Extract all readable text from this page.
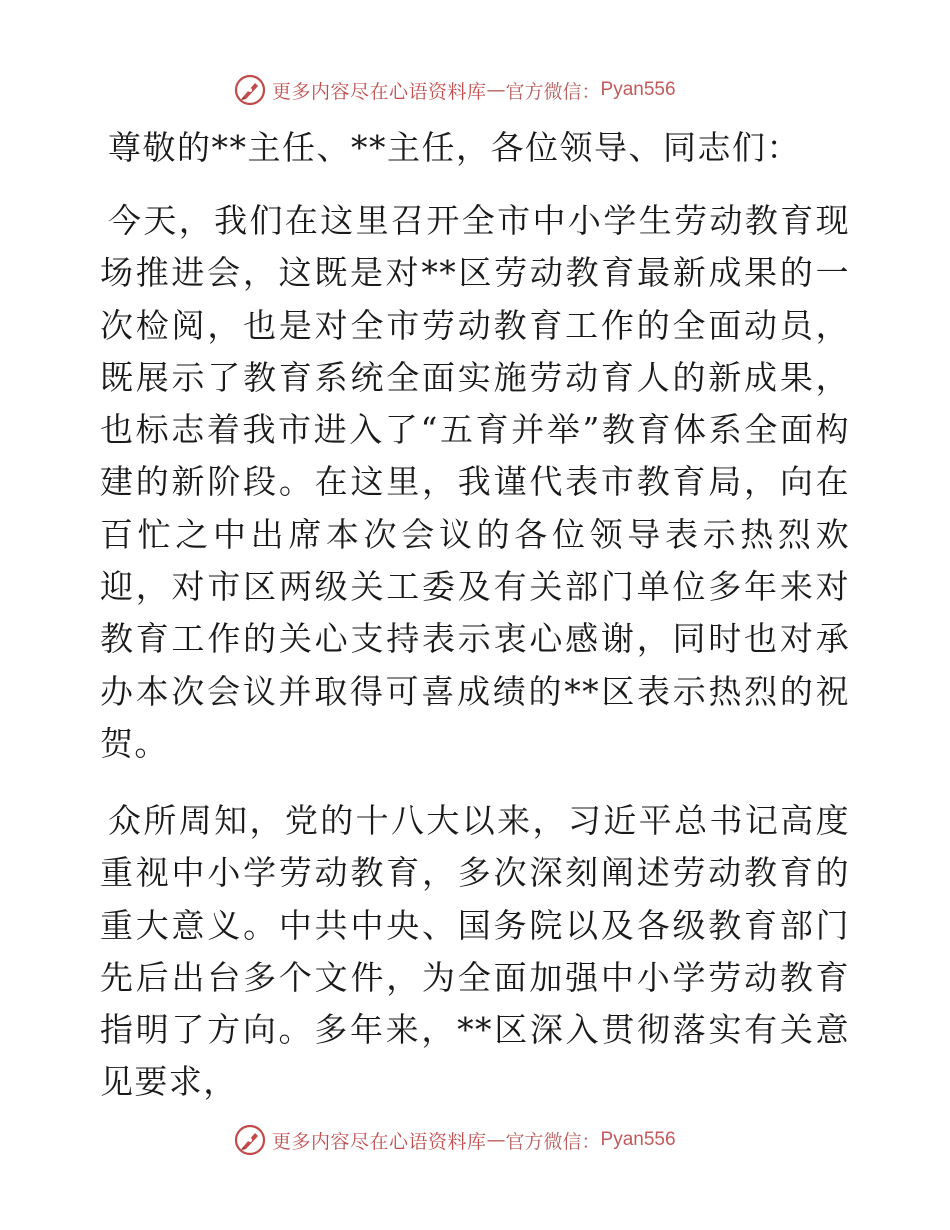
更多内容尽在心语资料库 — 官方微信： Pyan556
尊敬的**主任、**主任，各位领导、同志们：

今天，我们在这里召开全市中小学生劳动教育现场推进会，这既是对**区劳动教育最新成果的一次检阅，也是对全市劳动教育工作的全面动员，既展示了教育系统全面实施劳动育人的新成果，也标志着我市进入了“五育并举”教育体系全面构建的新阶段。在这里，我谨代表市教育局，向在百忙之中出席本次会议的各位领导表示热烈欢迎，对市区两级关工委及有关部门单位多年来对教育工作的关心支持表示衷心感谢，同时也对承办本次会议并取得可喜成绩的**区表示热烈的祝贺。

众所周知，党的十八大以来，习近平总书记高度重视中小学劳动教育，多次深刻阐述劳动教育的重大意义。中共中央、国务院以及各级教育部门先后出台多个文件，为全面加强中小学劳动教育指明了方向。多年来，**区深入贯彻落实有关意见要求，

更多内容尽在心语资料库 — 官方微信： Pyan556
